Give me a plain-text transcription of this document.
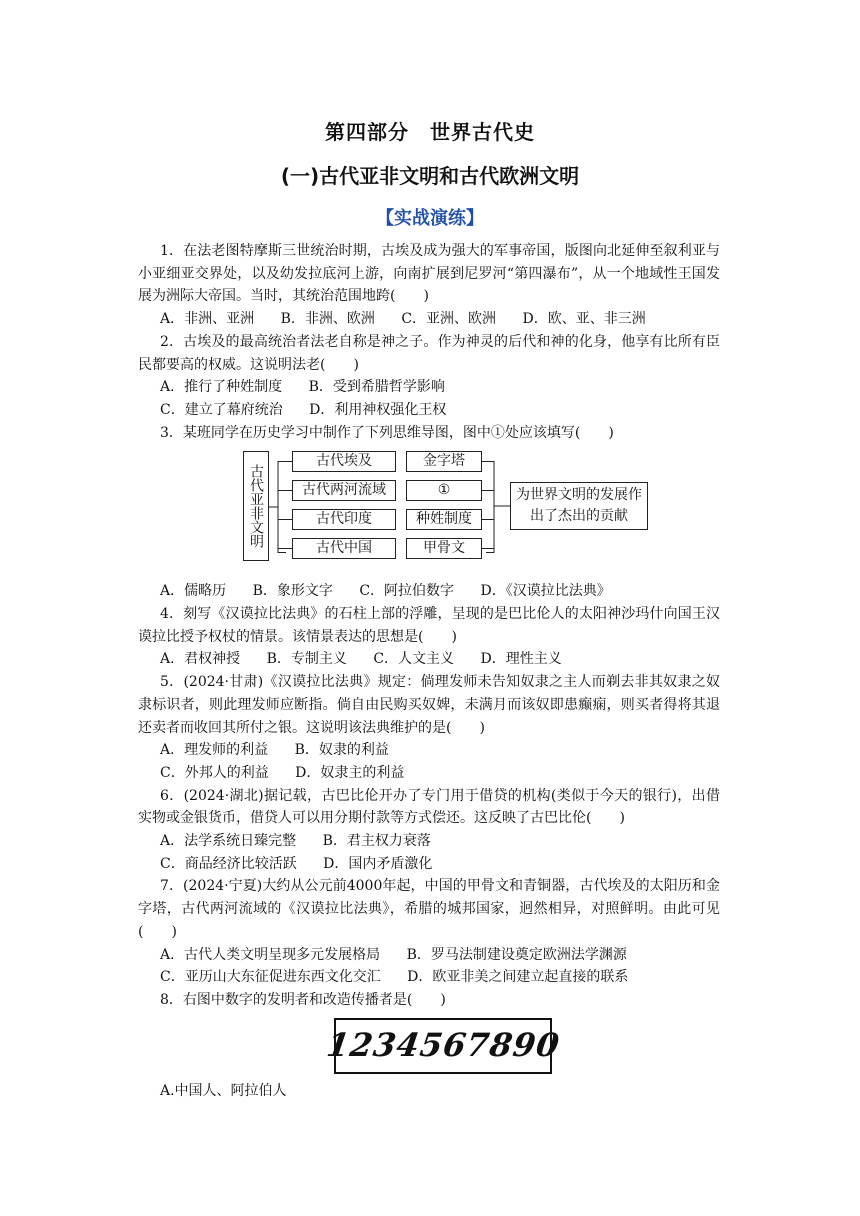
第四部分　世界古代史
(一)古代亚非文明和古代欧洲文明
【实战演练】

1．在法老图特摩斯三世统治时期，古埃及成为强大的军事帝国，版图向北延伸至叙利亚与小亚细亚交界处，以及幼发拉底河上游，向南扩展到尼罗河“第四瀑布”，从一个地域性王国发展为洲际大帝国。当时，其统治范围地跨(　　)

A．非洲、亚洲 B．非洲、欧洲 C．亚洲、欧洲 D．欧、亚、非三洲

2．古埃及的最高统治者法老自称是神之子。作为神灵的后代和神的化身，他享有比所有臣民都要高的权威。这说明法老(　　)

A．推行了种姓制度 B．受到希腊哲学影响

C．建立了幕府统治 D．利用神权强化王权

3．某班同学在历史学习中制作了下列思维导图，图中①处应该填写(　　)

古代亚非文明
古代埃及
古代两河流域
古代印度
古代中国
金字塔
①
种姓制度
甲骨文
为世界文明的发展作出了杰出的贡献

A．儒略历 B．象形文字 C．阿拉伯数字 D．《汉谟拉比法典》

4．刻写《汉谟拉比法典》的石柱上部的浮雕，呈现的是巴比伦人的太阳神沙玛什向国王汉谟拉比授予权杖的情景。该情景表达的思想是(　　)

A．君权神授 B．专制主义 C．人文主义 D．理性主义

5．(2024·甘肃)《汉谟拉比法典》规定：倘理发师未告知奴隶之主人而剃去非其奴隶之奴隶标识者，则此理发师应断指。倘自由民购买奴婢，未满月而该奴即患癫痫，则买者得将其退还卖者而收回其所付之银。这说明该法典维护的是(　　)

A．理发师的利益 B．奴隶的利益

C．外邦人的利益 D．奴隶主的利益

6．(2024·湖北)据记载，古巴比伦开办了专门用于借贷的机构(类似于今天的银行)，出借实物或金银货币，借贷人可以用分期付款等方式偿还。这反映了古巴比伦(　　)

A．法学系统日臻完整 B．君主权力衰落

C．商品经济比较活跃 D．国内矛盾激化

7．(2024·宁夏)大约从公元前4000年起，中国的甲骨文和青铜器，古代埃及的太阳历和金字塔，古代两河流域的《汉谟拉比法典》，希腊的城邦国家，迥然相异，对照鲜明。由此可见(　　)

A．古代人类文明呈现多元发展格局 B．罗马法制建设奠定欧洲法学渊源

C．亚历山大东征促进东西文化交汇 D．欧亚非美之间建立起直接的联系

8．右图中数字的发明者和改造传播者是(　　)

1234567890

A.中国人、阿拉伯人
